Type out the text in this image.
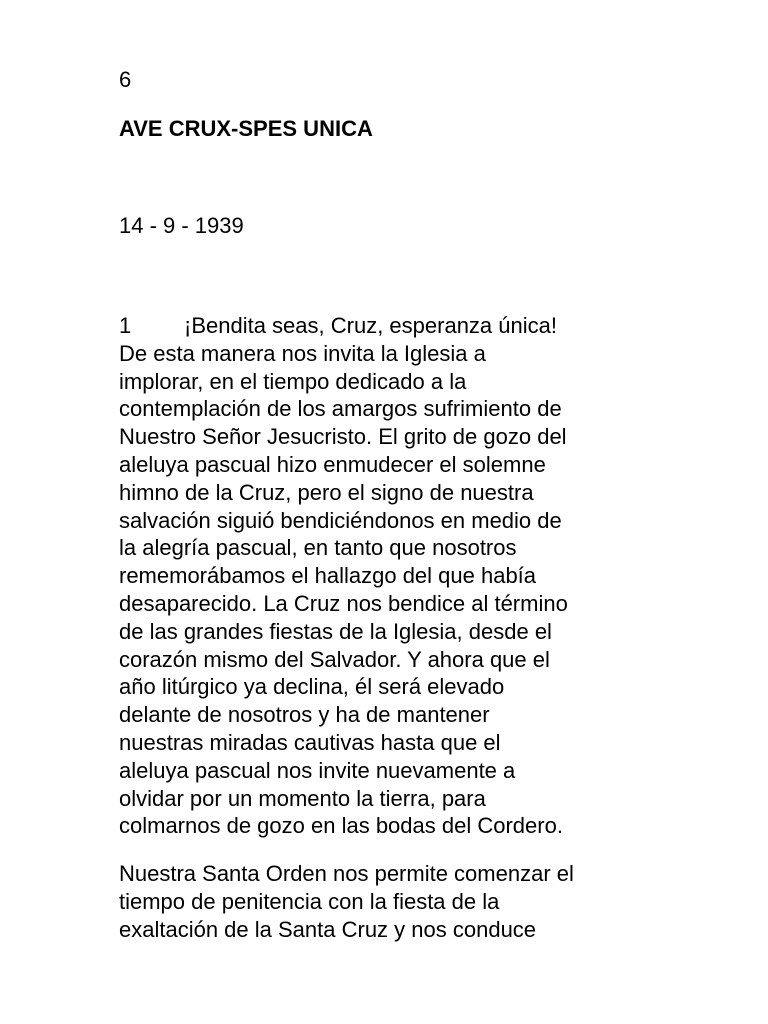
6
AVE CRUX-SPES UNICA
14 - 9 - 1939
1 ¡Bendita seas, Cruz, esperanza única!
De esta manera nos invita la Iglesia a
implorar, en el tiempo dedicado a la
contemplación de los amargos sufrimiento de
Nuestro Señor Jesucristo. El grito de gozo del
aleluya pascual hizo enmudecer el solemne
himno de la Cruz, pero el signo de nuestra
salvación siguió bendiciéndonos en medio de
la alegría pascual, en tanto que nosotros
rememorábamos el hallazgo del que había
desaparecido. La Cruz nos bendice al término
de las grandes fiestas de la Iglesia, desde el
corazón mismo del Salvador. Y ahora que el
año litúrgico ya declina, él será elevado
delante de nosotros y ha de mantener
nuestras miradas cautivas hasta que el
aleluya pascual nos invite nuevamente a
olvidar por un momento la tierra, para
colmarnos de gozo en las bodas del Cordero.
Nuestra Santa Orden nos permite comenzar el
tiempo de penitencia con la fiesta de la
exaltación de la Santa Cruz y nos conduce
